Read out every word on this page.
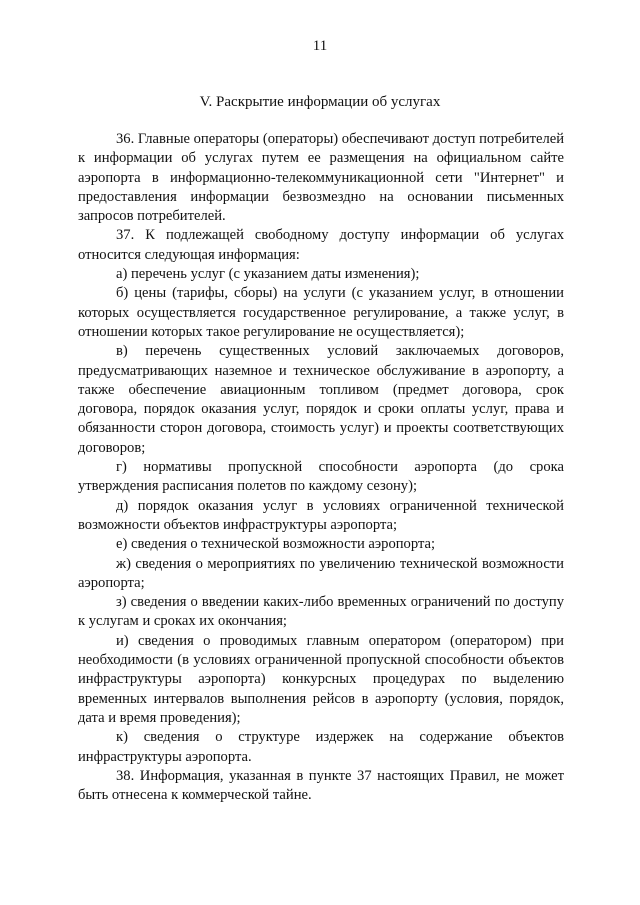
11
V. Раскрытие информации об услугах

36. Главные операторы (операторы) обеспечивают доступ потребителей к информации об услугах путем ее размещения на официальном сайте аэропорта в информационно-телекоммуникационной сети "Интернет" и предоставления информации безвозмездно на основании письменных запросов потребителей.

37. К подлежащей свободному доступу информации об услугах относится следующая информация:

а) перечень услуг (с указанием даты изменения);

б) цены (тарифы, сборы) на услуги (с указанием услуг, в отношении которых осуществляется государственное регулирование, а также услуг, в отношении которых такое регулирование не осуществляется);

в) перечень существенных условий заключаемых договоров, предусматривающих наземное и техническое обслуживание в аэропорту, а также обеспечение авиационным топливом (предмет договора, срок договора, порядок оказания услуг, порядок и сроки оплаты услуг, права и обязанности сторон договора, стоимость услуг) и проекты соответствующих договоров;

г) нормативы пропускной способности аэропорта (до срока утверждения расписания полетов по каждому сезону);

д) порядок оказания услуг в условиях ограниченной технической возможности объектов инфраструктуры аэропорта;

е) сведения о технической возможности аэропорта;

ж) сведения о мероприятиях по увеличению технической возможности аэропорта;

з) сведения о введении каких-либо временных ограничений по доступу к услугам и сроках их окончания;

и) сведения о проводимых главным оператором (оператором) при необходимости (в условиях ограниченной пропускной способности объектов инфраструктуры аэропорта) конкурсных процедурах по выделению временных интервалов выполнения рейсов в аэропорту (условия, порядок, дата и время проведения);

к) сведения о структуре издержек на содержание объектов инфраструктуры аэропорта.

38. Информация, указанная в пункте 37 настоящих Правил, не может быть отнесена к коммерческой тайне.
